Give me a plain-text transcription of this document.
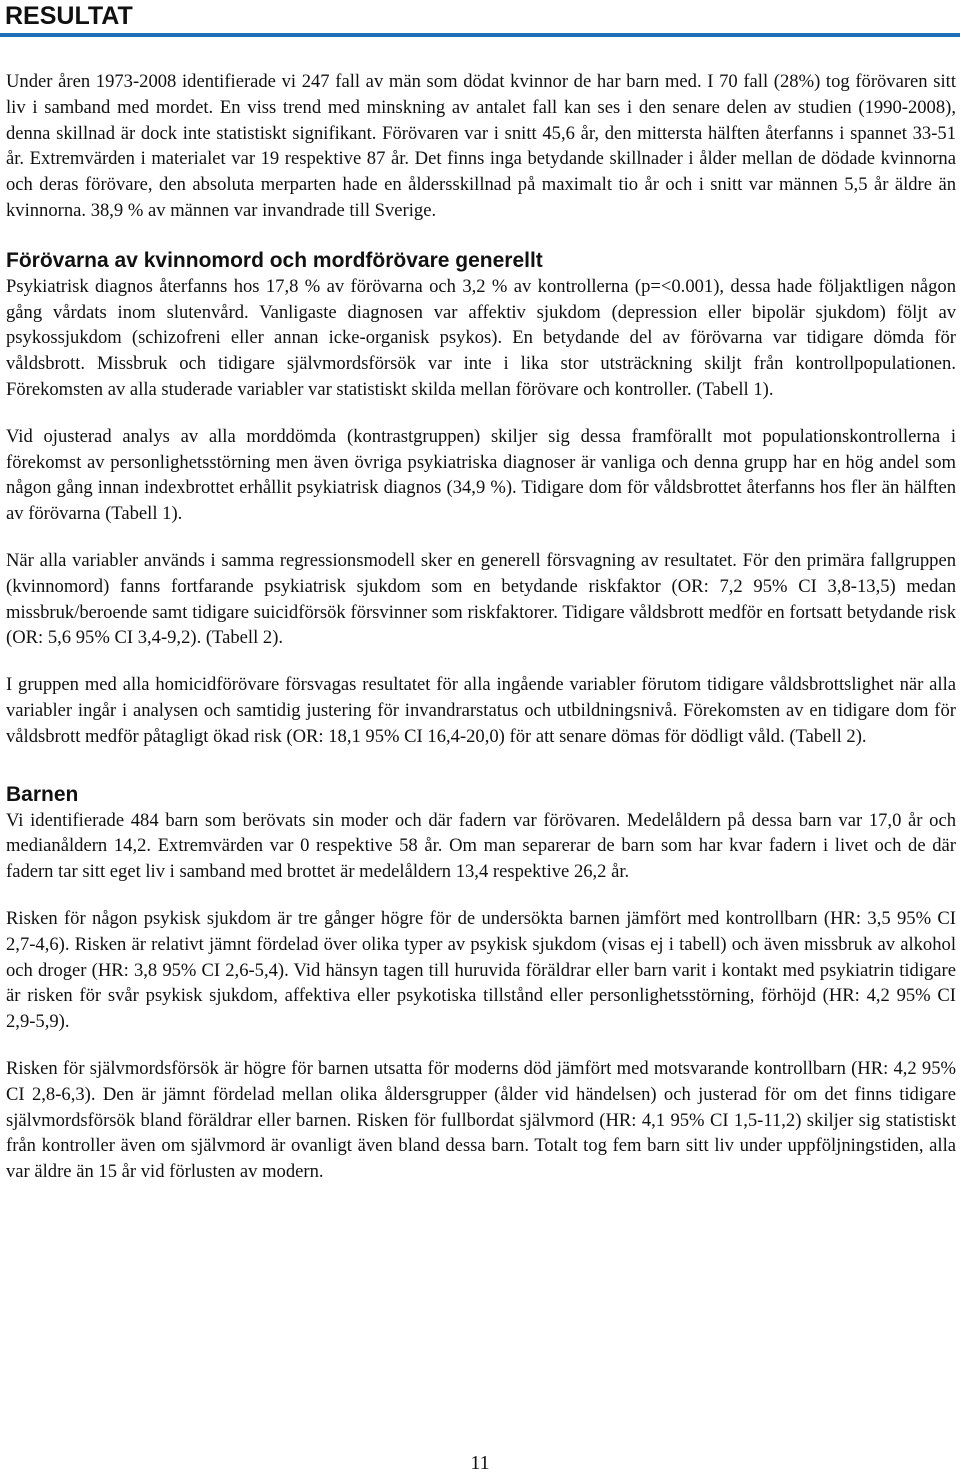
RESULTAT

Under åren 1973-2008 identifierade vi 247 fall av män som dödat kvinnor de har barn med. I 70 fall (28%) tog förövaren sitt liv i samband med mordet. En viss trend med minskning av antalet fall kan ses i den senare delen av studien (1990-2008), denna skillnad är dock inte statistiskt signifikant. Förövaren var i snitt 45,6 år, den mittersta hälften återfanns i spannet 33-51 år. Extremvärden i materialet var 19 respektive 87 år. Det finns inga betydande skillnader i ålder mellan de dödade kvinnorna och deras förövare, den absoluta merparten hade en åldersskillnad på maximalt tio år och i snitt var männen 5,5 år äldre än kvinnorna. 38,9 % av männen var invandrade till Sverige.

Förövarna av kvinnomord och mordförövare generellt

Psykiatrisk diagnos återfanns hos 17,8 % av förövarna och 3,2 % av kontrollerna (p=<0.001), dessa hade följaktligen någon gång vårdats inom slutenvård. Vanligaste diagnosen var affektiv sjukdom (depression eller bipolär sjukdom) följt av psykossjukdom (schizofreni eller annan icke-organisk psykos). En betydande del av förövarna var tidigare dömda för våldsbrott. Missbruk och tidigare självmordsförsök var inte i lika stor utsträckning skiljt från kontrollpopulationen. Förekomsten av alla studerade variabler var statistiskt skilda mellan förövare och kontroller. (Tabell 1).

Vid ojusterad analys av alla morddömda (kontrastgruppen) skiljer sig dessa framförallt mot populationskontrollerna i förekomst av personlighetsstörning men även övriga psykiatriska diagnoser är vanliga och denna grupp har en hög andel som någon gång innan indexbrottet erhållit psykiatrisk diagnos (34,9 %). Tidigare dom för våldsbrottet återfanns hos fler än hälften av förövarna (Tabell 1).

När alla variabler används i samma regressionsmodell sker en generell försvagning av resultatet. För den primära fallgruppen (kvinnomord) fanns fortfarande psykiatrisk sjukdom som en betydande riskfaktor (OR: 7,2 95% CI 3,8-13,5) medan missbruk/beroende samt tidigare suicidförsök försvinner som riskfaktorer. Tidigare våldsbrott medför en fortsatt betydande risk (OR: 5,6 95% CI 3,4-9,2). (Tabell 2).

I gruppen med alla homicidförövare försvagas resultatet för alla ingående variabler förutom tidigare våldsbrottslighet när alla variabler ingår i analysen och samtidig justering för invandrarstatus och utbildningsnivå. Förekomsten av en tidigare dom för våldsbrott medför påtagligt ökad risk (OR: 18,1 95% CI 16,4-20,0) för att senare dömas för dödligt våld. (Tabell 2).

Barnen

Vi identifierade 484 barn som berövats sin moder och där fadern var förövaren. Medelåldern på dessa barn var 17,0 år och medianåldern 14,2. Extremvärden var 0 respektive 58 år. Om man separerar de barn som har kvar fadern i livet och de där fadern tar sitt eget liv i samband med brottet är medelåldern 13,4 respektive 26,2 år.

Risken för någon psykisk sjukdom är tre gånger högre för de undersökta barnen jämfört med kontrollbarn (HR: 3,5 95% CI 2,7-4,6). Risken är relativt jämnt fördelad över olika typer av psykisk sjukdom (visas ej i tabell) och även missbruk av alkohol och droger (HR: 3,8 95% CI 2,6-5,4). Vid hänsyn tagen till huruvida föräldrar eller barn varit i kontakt med psykiatrin tidigare är risken för svår psykisk sjukdom, affektiva eller psykotiska tillstånd eller personlighetsstörning, förhöjd (HR: 4,2 95% CI 2,9-5,9).

Risken för självmordsförsök är högre för barnen utsatta för moderns död jämfört med motsvarande kontrollbarn (HR: 4,2 95% CI 2,8-6,3). Den är jämnt fördelad mellan olika åldersgrupper (ålder vid händelsen) och justerad för om det finns tidigare självmordsförsök bland föräldrar eller barnen. Risken för fullbordat självmord (HR: 4,1 95% CI 1,5-11,2) skiljer sig statistiskt från kontroller även om självmord är ovanligt även bland dessa barn. Totalt tog fem barn sitt liv under uppföljningstiden, alla var äldre än 15 år vid förlusten av modern.

11
